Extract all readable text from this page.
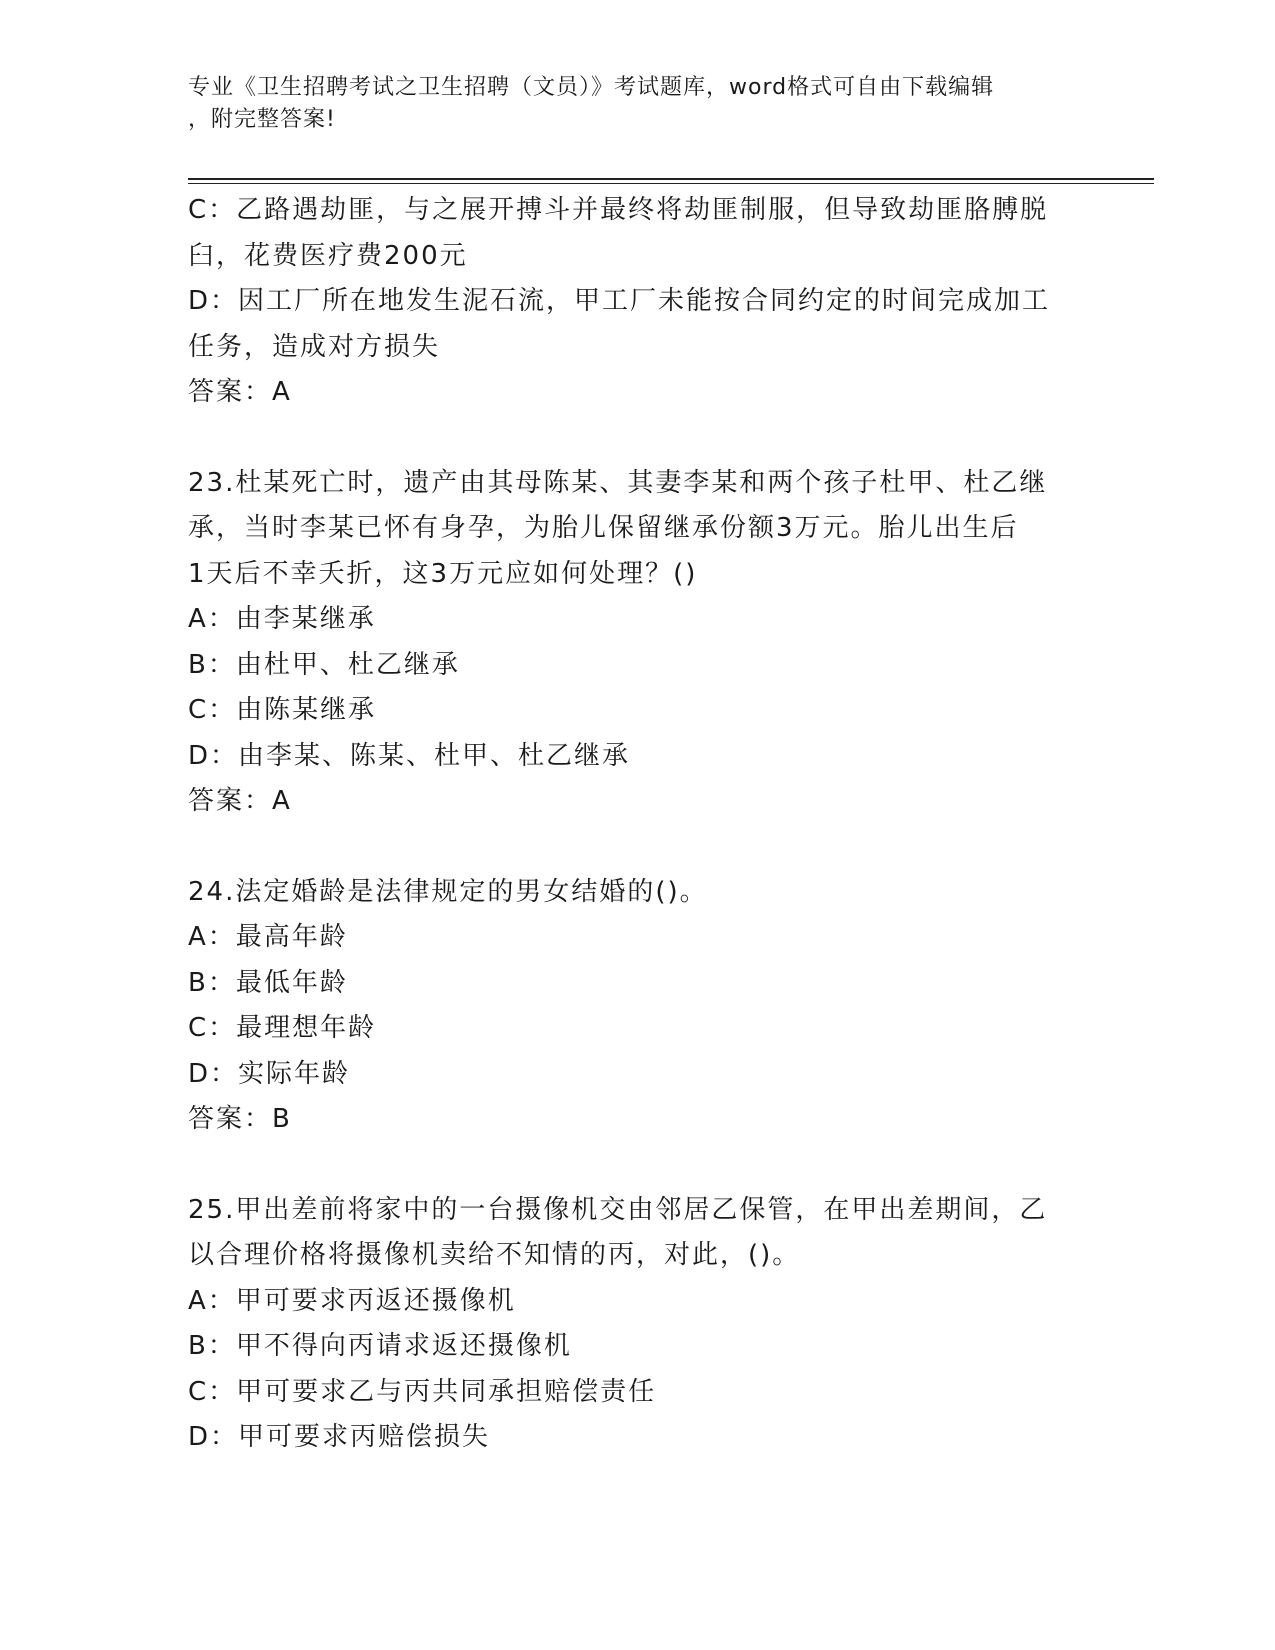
专业《卫生招聘考试之卫生招聘（文员）》考试题库，word格式可自由下载编辑
，附完整答案!
C：乙路遇劫匪，与之展开搏斗并最终将劫匪制服，但导致劫匪胳膊脱
臼，花费医疗费200元
D：因工厂所在地发生泥石流，甲工厂未能按合同约定的时间完成加工
任务，造成对方损失
答案：A
23.杜某死亡时，遗产由其母陈某、其妻李某和两个孩子杜甲、杜乙继
承，当时李某已怀有身孕，为胎儿保留继承份额3万元。胎儿出生后
1天后不幸夭折，这3万元应如何处理？()
A：由李某继承
B：由杜甲、杜乙继承
C：由陈某继承
D：由李某、陈某、杜甲、杜乙继承
答案：A
24.法定婚龄是法律规定的男女结婚的()。
A：最高年龄
B：最低年龄
C：最理想年龄
D：实际年龄
答案：B
25.甲出差前将家中的一台摄像机交由邻居乙保管，在甲出差期间，乙
以合理价格将摄像机卖给不知情的丙，对此，()。
A：甲可要求丙返还摄像机
B：甲不得向丙请求返还摄像机
C：甲可要求乙与丙共同承担赔偿责任
D：甲可要求丙赔偿损失
